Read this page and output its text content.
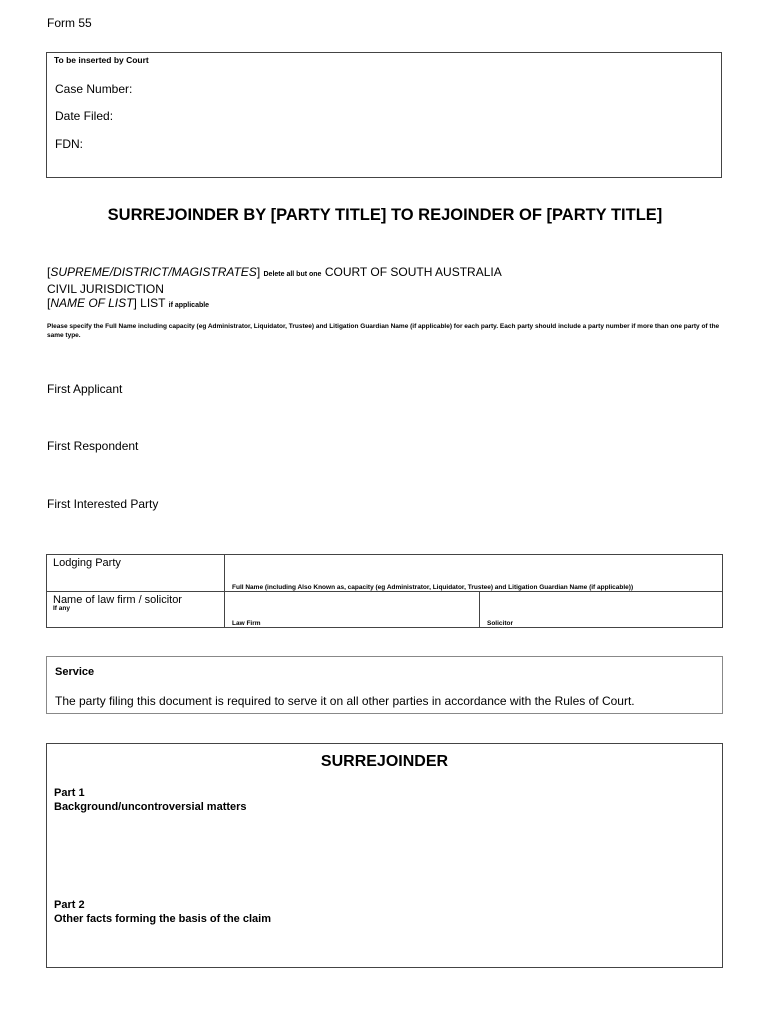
Form 55
To be inserted by Court
Case Number:
Date Filed:
FDN:
SURREJOINDER BY [PARTY TITLE] TO REJOINDER OF [PARTY TITLE]
[SUPREME/DISTRICT/MAGISTRATES] Delete all but one COURT OF SOUTH AUSTRALIA
CIVIL JURISDICTION
[NAME OF LIST] LIST if applicable
Please specify the Full Name including capacity (eg Administrator, Liquidator, Trustee) and Litigation Guardian Name (if applicable) for each party. Each party should include a party number if more than one party of the same type.
First Applicant
First Respondent
First Interested Party
Lodging Party	Full Name (including Also Known as, capacity (eg Administrator, Liquidator, Trustee) and Litigation Guardian Name (if applicable))	

Name of law firm / solicitor
If any	Law Firm	Solicitor
Service
The party filing this document is required to serve it on all other parties in accordance with the Rules of Court.
SURREJOINDER
Part 1
Background/uncontroversial matters
Part 2
Other facts forming the basis of the claim
